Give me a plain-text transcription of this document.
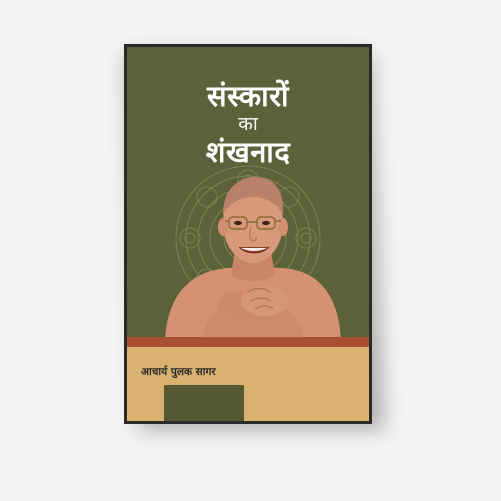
संस्कारों
का
शंखनाद
आचार्य पुलक सागर
